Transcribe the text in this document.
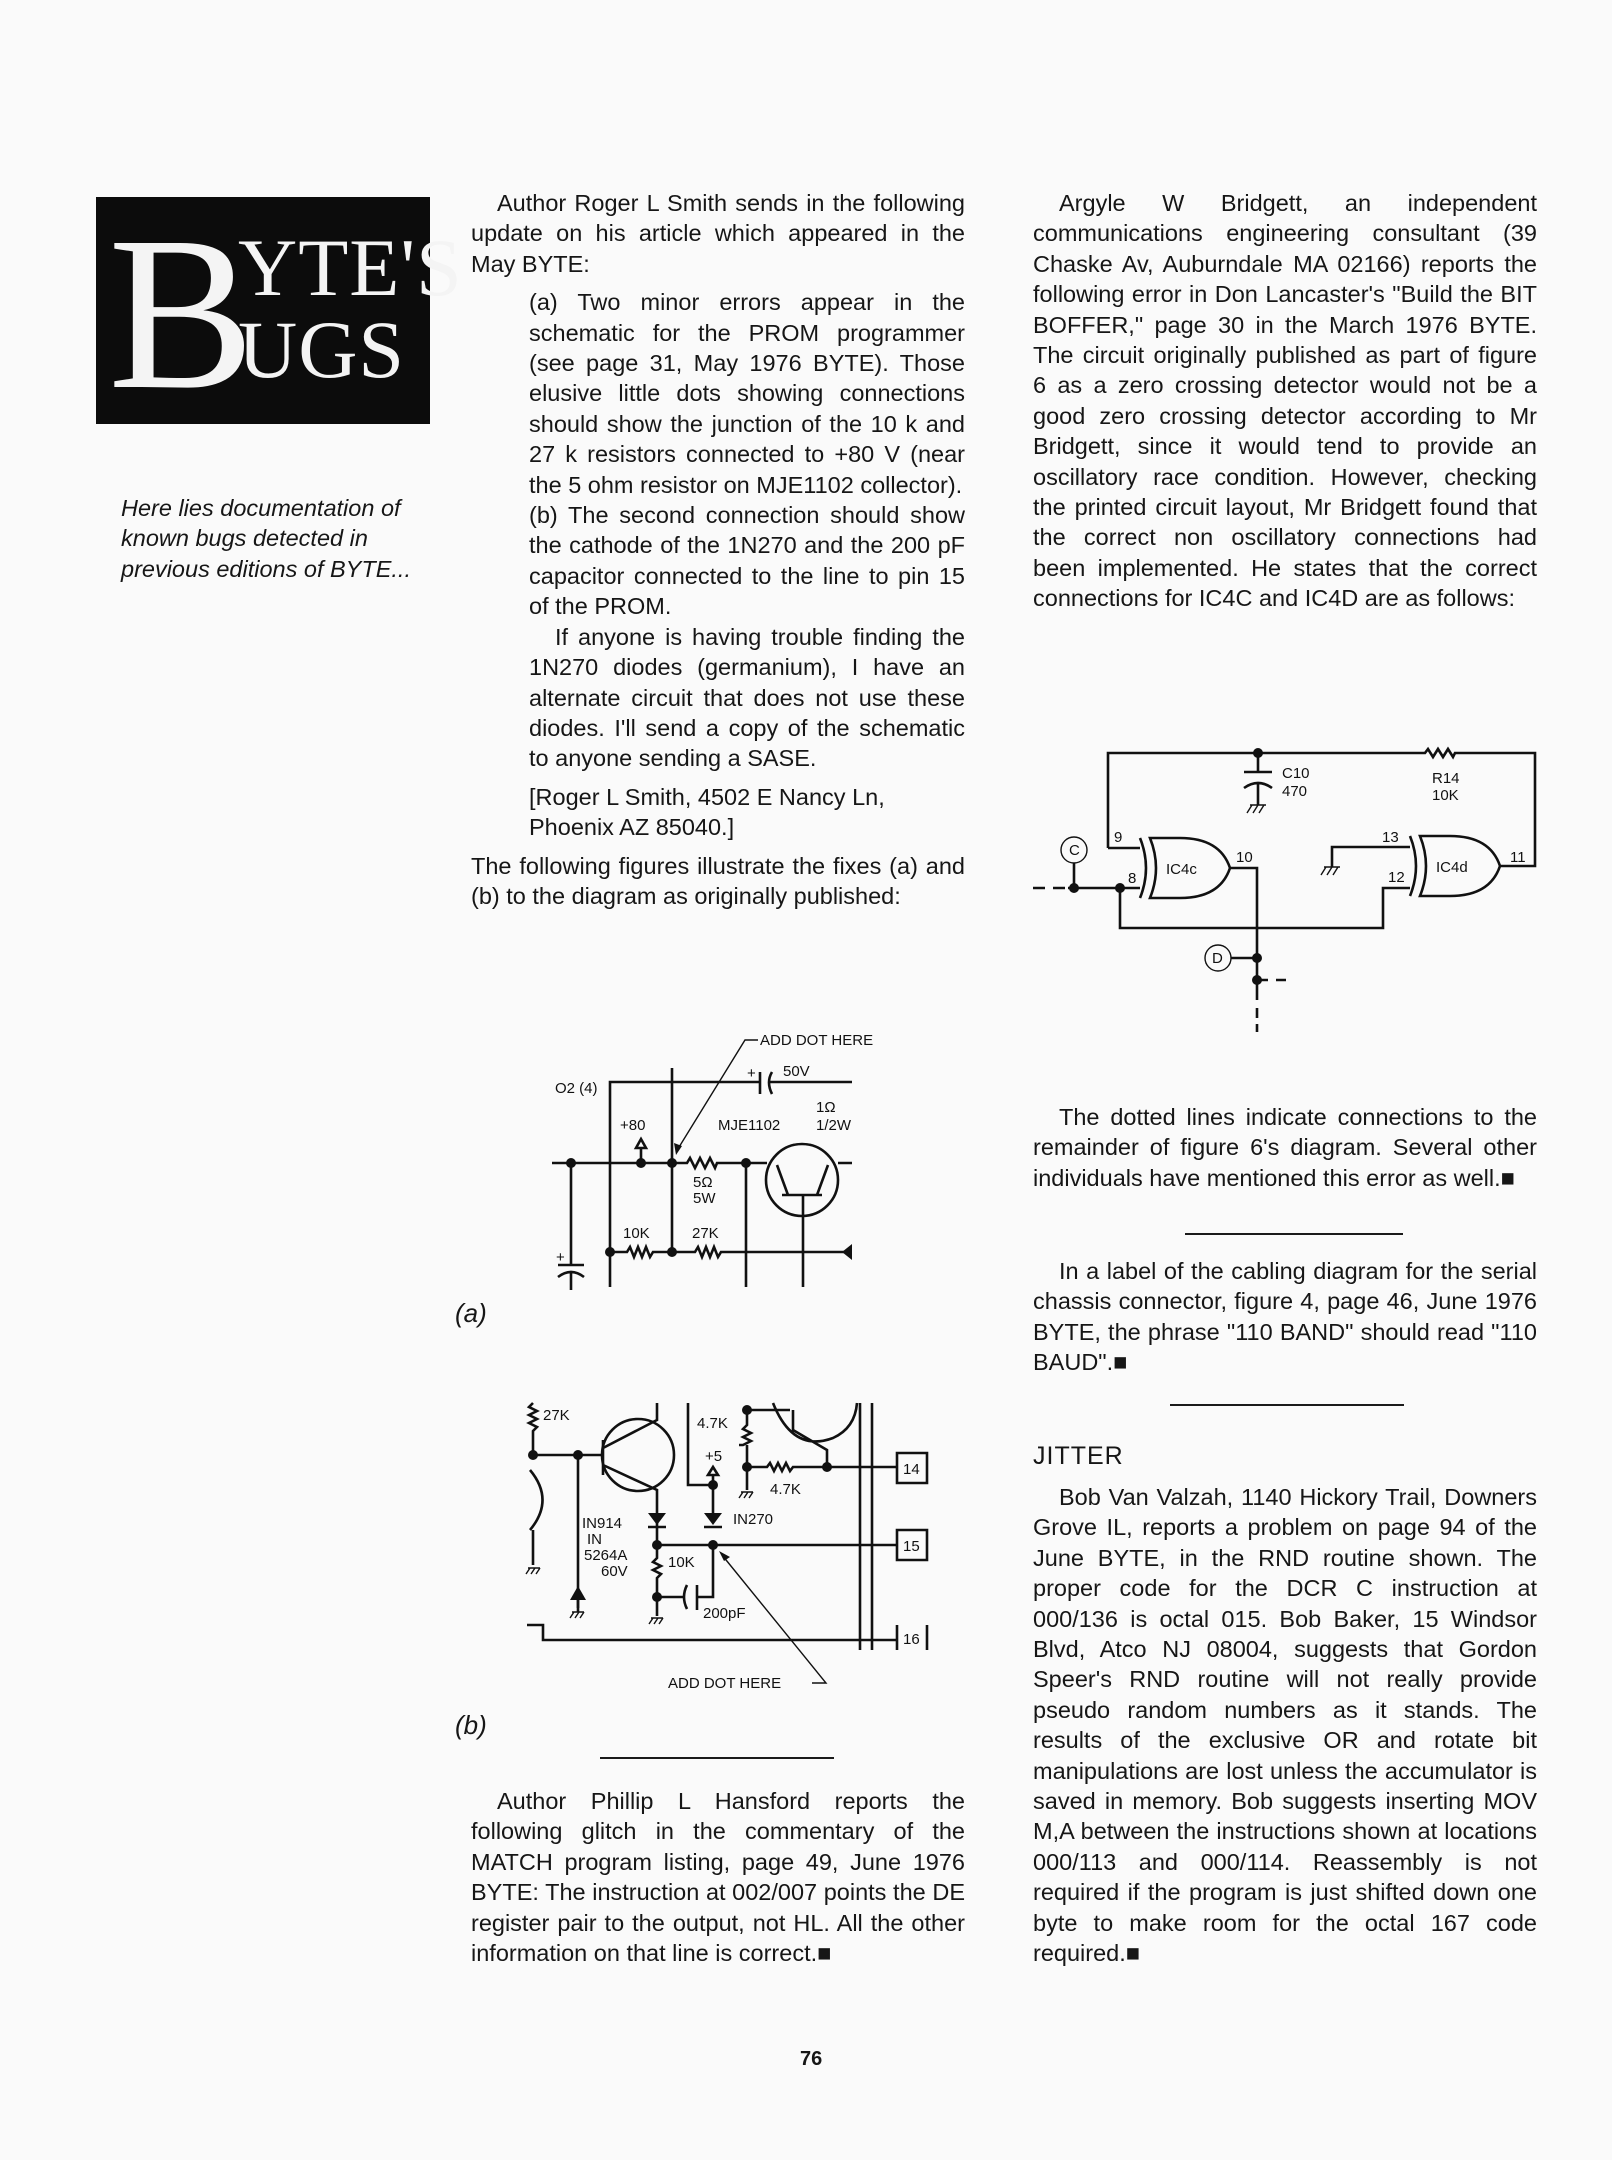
B
YTE'S
UGS
Here lies documentation of known bugs detected in previous editions of BYTE...

Author Roger L Smith sends in the following update on his article which appeared in the May BYTE:

(a) Two minor errors appear in the schematic for the PROM programmer (see page 31, May 1976 BYTE). Those elusive little dots showing connections should show the junction of the 10 k and 27 k resistors connected to +80 V (near the 5 ohm resistor on MJE1102 collector).

(b) The second connection should show the cathode of the 1N270 and the 200 pF capacitor connected to the line to pin 15 of the PROM.

If anyone is having trouble finding the 1N270 diodes (germanium), I have an alternate circuit that does not use these diodes. I'll send a copy of the schematic to anyone sending a SASE.

[Roger L Smith, 4502 E Nancy Ln, Phoenix AZ 85040.]

The following figures illustrate the fixes (a) and (b) to the diagram as originally published:

ADD DOT HERE
O2 (4)
+ 50V
1Ω
1/2W
MJE1102
+80
5Ω
5W
+
10K	27K
(a)
27K
IN914
IN
5264A
60V
10K
200pF
+5
IN270
4.7K
4.7K
14
15
16
ADD DOT HERE
(b)

Author Phillip L Hansford reports the following glitch in the commentary of the MATCH program listing, page 49, June 1976 BYTE: The instruction at 002/007 points the DE register pair to the output, not HL. All the other information on that line is correct.■

Argyle W Bridgett, an independent communications engineering consultant (39 Chaske Av, Auburndale MA 02166) reports the following error in Don Lancaster's "Build the BIT BOFFER," page 30 in the March 1976 BYTE. The circuit originally published as part of figure 6 as a zero crossing detector would not be a good zero crossing detector according to Mr Bridgett, since it would tend to provide an oscillatory race condition. However, checking the printed circuit layout, Mr Bridgett found that the correct non oscillatory connections had been implemented. He states that the correct connections for IC4C and IC4D are as follows:

C10
470
R14
10K
IC4c
9
8
10
C
IC4d
13
12
11
D

The dotted lines indicate connections to the remainder of figure 6's diagram. Several other individuals have mentioned this error as well.■

In a label of the cabling diagram for the serial chassis connector, figure 4, page 46, June 1976 BYTE, the phrase "110 BAND" should read "110 BAUD".■

JITTER

Bob Van Valzah, 1140 Hickory Trail, Downers Grove IL, reports a problem on page 94 of the June BYTE, in the RND routine shown. The proper code for the DCR C instruction at 000/136 is octal 015. Bob Baker, 15 Windsor Blvd, Atco NJ 08004, suggests that Gordon Speer's RND routine will not really provide pseudo random numbers as it stands. The results of the exclusive OR and rotate bit manipulations are lost unless the accumulator is saved in memory. Bob suggests inserting MOV M,A between the instructions shown at locations 000/113 and 000/114. Reassembly is not required if the program is just shifted down one byte to make room for the octal 167 code required.■

76
